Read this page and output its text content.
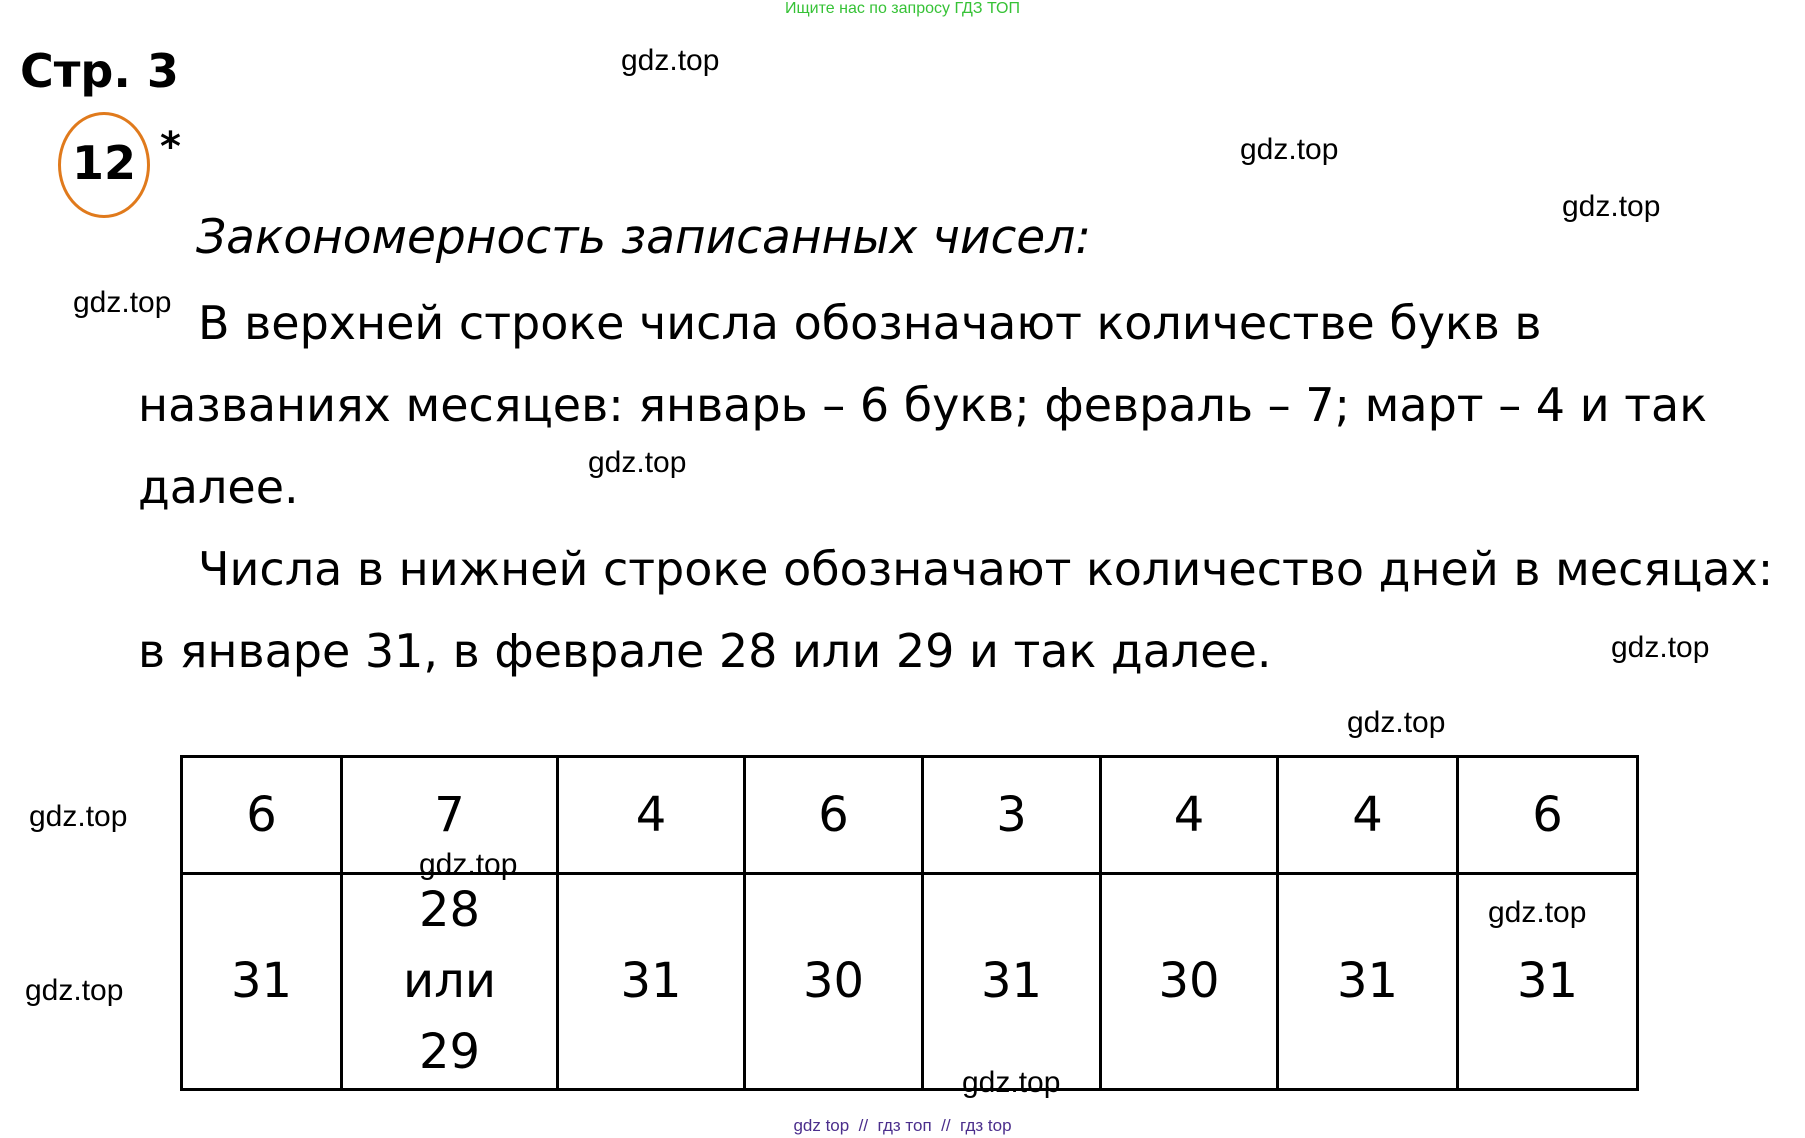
Ищите нас по запросу ГДЗ ТОП
Стр. 3
12 *
Закономерность записанных чисел:
В верхней строке числа обозначают количестве букв в
названиях месяцев: январь – 6 букв; февраль – 7; март – 4 и так
далее.
Числа в нижней строке обозначают количество дней в месяцах:
в январе 31, в феврале 28 или 29 и так далее.
6	7	4	6	3	4	4	6
31	28
или
29	31	30	31	30	31	31
gdz.top
gdz.top
gdz.top
gdz.top
gdz.top
gdz.top
gdz.top
gdz.top
gdz.top
gdz.top
gdz.top
gdz.top
gdz top  //  гдз топ  //  гдз top
